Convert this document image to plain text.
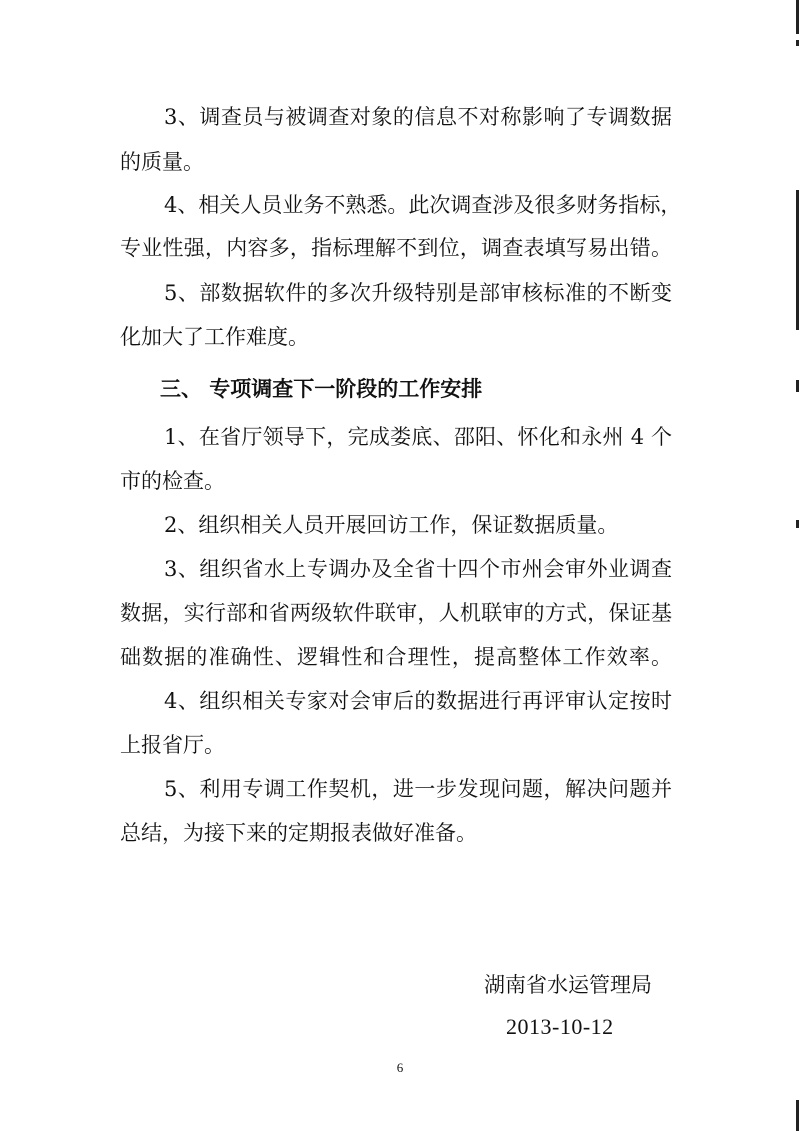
3、调查员与被调查对象的信息不对称影响了专调数据
的质量。
4、相关人员业务不熟悉。此次调查涉及很多财务指标，
专业性强，内容多，指标理解不到位，调查表填写易出错。
5、部数据软件的多次升级特别是部审核标准的不断变
化加大了工作难度。
三、 专项调查下一阶段的工作安排
1、在省厅领导下，完成娄底、邵阳、怀化和永州 4 个
市的检查。
2、组织相关人员开展回访工作，保证数据质量。
3、组织省水上专调办及全省十四个市州会审外业调查
数据，实行部和省两级软件联审，人机联审的方式，保证基
础数据的准确性、逻辑性和合理性，提高整体工作效率。
4、组织相关专家对会审后的数据进行再评审认定按时
上报省厅。
5、利用专调工作契机，进一步发现问题，解决问题并
总结，为接下来的定期报表做好准备。
湖南省水运管理局
2013-10-12
6
